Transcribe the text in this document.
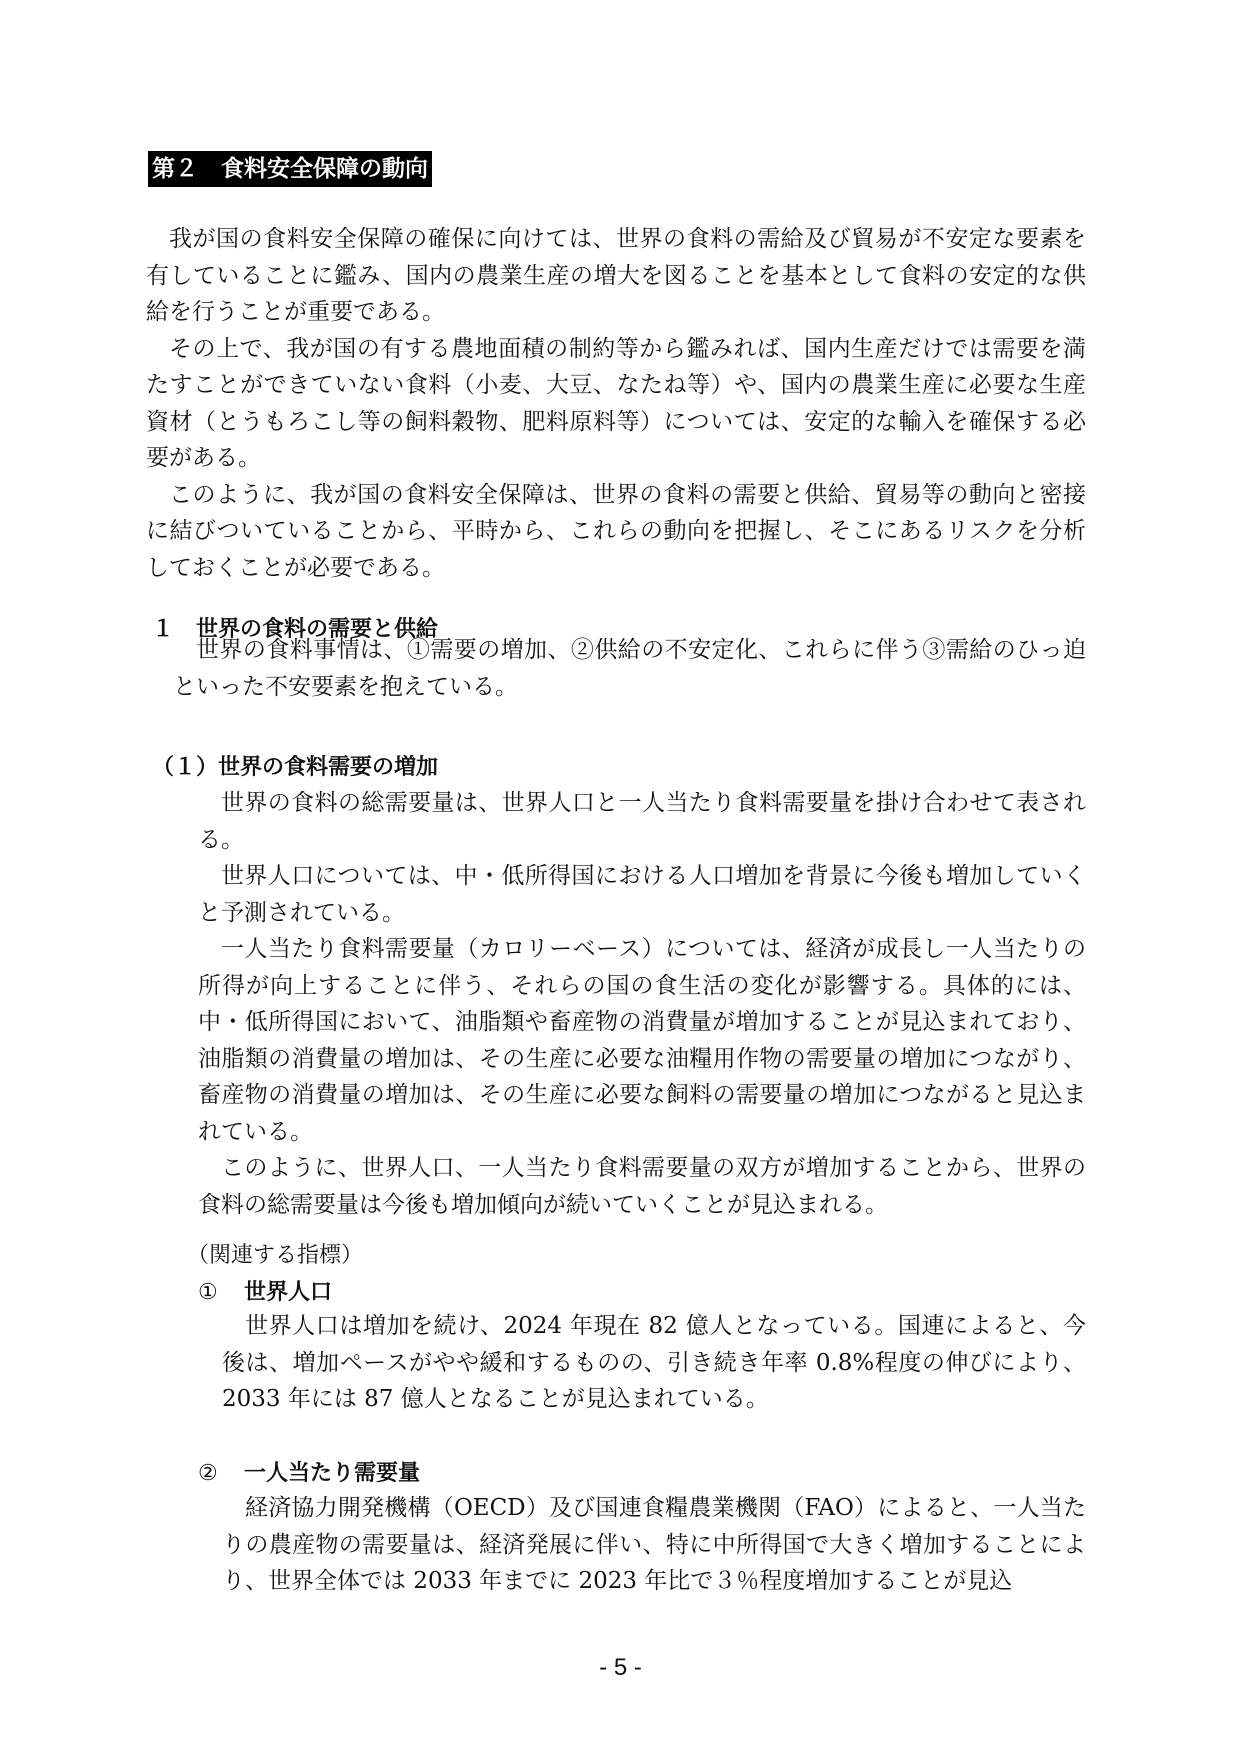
第２　食料安全保障の動向

我が国の食料安全保障の確保に向けては、世界の食料の需給及び貿易が不安定な要素を有していることに鑑み、国内の農業生産の増大を図ることを基本として食料の安定的な供給を行うことが重要である。

その上で、我が国の有する農地面積の制約等から鑑みれば、国内生産だけでは需要を満たすことができていない食料（小麦、大豆、なたね等）や、国内の農業生産に必要な生産資材（とうもろこし等の飼料穀物、肥料原料等）については、安定的な輸入を確保する必要がある。

このように、我が国の食料安全保障は、世界の食料の需要と供給、貿易等の動向と密接に結びついていることから、平時から、これらの動向を把握し、そこにあるリスクを分析しておくことが必要である。

１　世界の食料の需要と供給

世界の食料事情は、①需要の増加、②供給の不安定化、これらに伴う③需給のひっ迫といった不安要素を抱えている。

（１）世界の食料需要の増加

世界の食料の総需要量は、世界人口と一人当たり食料需要量を掛け合わせて表される。

世界人口については、中・低所得国における人口増加を背景に今後も増加していくと予測されている。

一人当たり食料需要量（カロリーベース）については、経済が成長し一人当たりの所得が向上することに伴う、それらの国の食生活の変化が影響する。具体的には、中・低所得国において、油脂類や畜産物の消費量が増加することが見込まれており、油脂類の消費量の増加は、その生産に必要な油糧用作物の需要量の増加につながり、畜産物の消費量の増加は、その生産に必要な飼料の需要量の増加につながると見込まれている。

このように、世界人口、一人当たり食料需要量の双方が増加することから、世界の食料の総需要量は今後も増加傾向が続いていくことが見込まれる。

（関連する指標）
① 世界人口

世界人口は増加を続け、2024 年現在 82 億人となっている。国連によると、今後は、増加ペースがやや緩和するものの、引き続き年率 0.8%程度の伸びにより、2033 年には 87 億人となることが見込まれている。

② 一人当たり需要量

経済協力開発機構（OECD）及び国連食糧農業機関（FAO）によると、一人当たりの農産物の需要量は、経済発展に伴い、特に中所得国で大きく増加することにより、世界全体では 2033 年までに 2023 年比で３％程度増加することが見込

- 5 -
